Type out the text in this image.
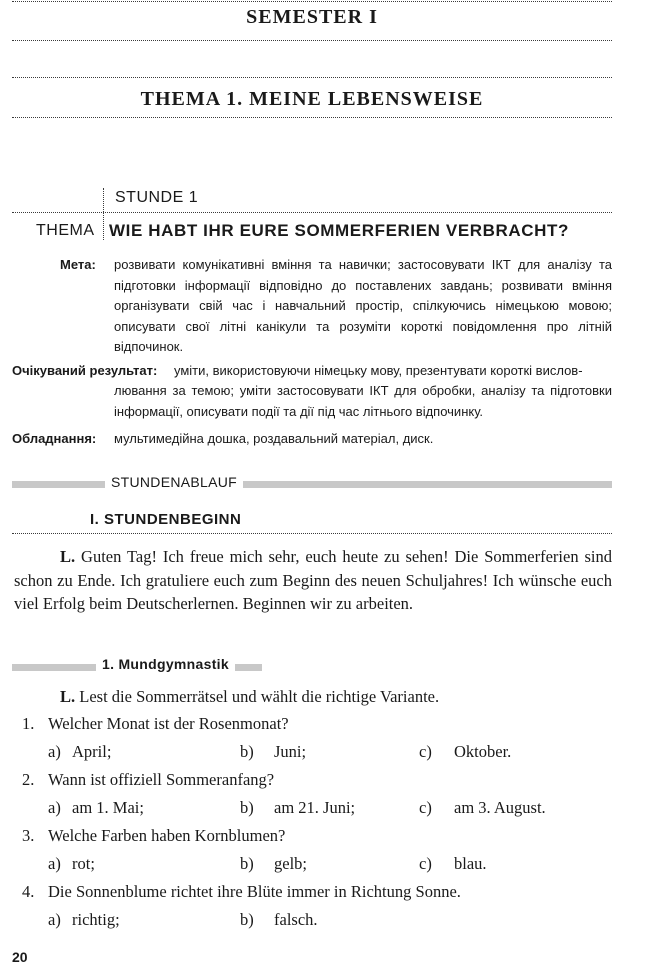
SEMESTER I
THEMA 1. MEINE LEBENSWEISE
STUNDE 1
THEMA WIE HABT IHR EURE SOMMERFERIEN VERBRACHT?
Мета: розвивати комунікативні вміння та навички; застосовувати ІКТ для аналізу та підготовки інформації відповідно до поставлених завдань; розвивати вміння організувати свій час і навчальний простір, спілкуючись німецькою мовою; описувати свої літні канікули та розуміти короткі повідомлення про літній відпочинок.
Очікуваний результат: уміти, використовуючи німецьку мову, презентувати короткі вислов-
лювання за темою; уміти застосовувати ІКТ для обробки, аналізу та підготовки інформації, описувати події та дії під час літнього відпочинку.
Обладнання: мультимедійна дошка, роздавальний матеріал, диск.
STUNDENABLAUF
I. STUNDENBEGINN

L. Guten Tag! Ich freue mich sehr, euch heute zu sehen! Die Sommerferien sind schon zu Ende. Ich gratuliere euch zum Beginn des neuen Schuljahres! Ich wünsche euch viel Erfolg beim Deutscherlernen. Beginnen wir zu arbeiten.

1. Mundgymnastik
L. Lest die Sommerrätsel und wählt die richtige Variante.
1. Welcher Monat ist der Rosenmonat?
a) April;	b) Juni;	c) Oktober.
2. Wann ist offiziell Sommeranfang?
a) am 1. Mai;	b) am 21. Juni;	c) am 3. August.
3. Welche Farben haben Kornblumen?
a) rot;	b) gelb;	c) blau.
4. Die Sonnenblume richtet ihre Blüte immer in Richtung Sonne.
a) richtig;	b) falsch.
20
